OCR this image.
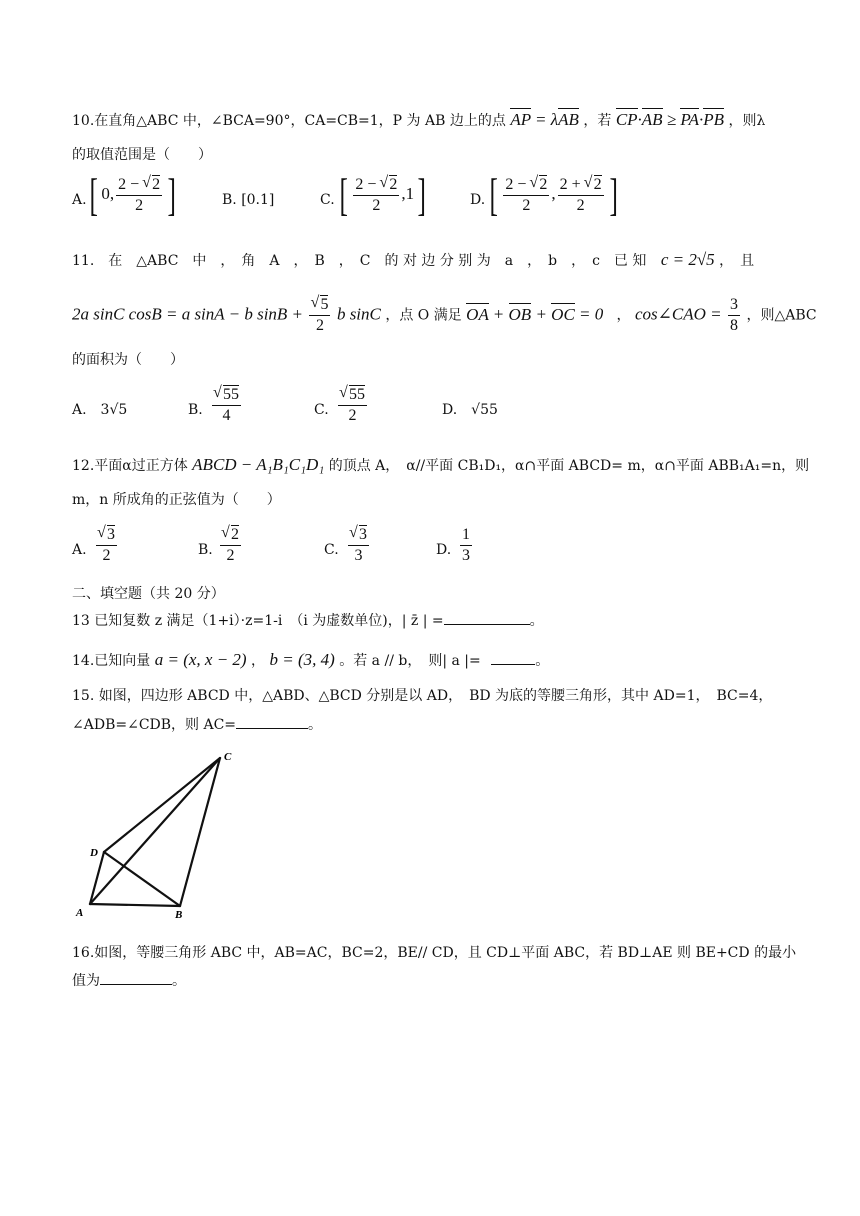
10.在直角△ABC 中，∠BCA=90°，CA=CB=1，P 为 AB 边上的点 AP = λAB ，若 CP·AB ≥ PA·PB ，则λ
的取值范围是（　　）
A. [ 0, $\frac{2 - √ 2}{2}$ ]	B. [0.1]	C. [ $\frac{2 - √ 2}{2} ,1$]	D. [ $\frac{2 - √ 2}{2}$ , $\frac{2 + √ 2}{2}$ ]
11.　在　△ABC　中　，　角　A　，　B　，　C　的 对 边 分 别 为　a　，　b　，　c　已 知 c = 2√5 ，　且
2a sinC cosB = a sinA − b sinB + √ $\frac{5}{2}$ b sinC ，点 O 满足 OA + OB + OC = 0⃗， cos∠CAO = $\frac{3}{8}$ ，则△ABC
的面积为（　　）
A.　3√5	B. √ $\frac{55}{4}$	C. √ $\frac{55}{2}$	D.　√55
12.平面α过正方体 ABCD − A₁B₁C₁D₁ 的顶点 A，　α//平面 CB₁D₁，α∩平面 ABCD= m，α∩平面 ABB₁A₁=n，则
m，n 所成角的正弦值为（　　）
A. √ $\frac{3}{2}$	B. √ $\frac{2}{2}$	C. √ $\frac{3}{3}$	D. $\frac{1}{3}$
二、填空题（共 20 分）
13 已知复数 z 满足（1+i）·z=1-i　（i 为虚数单位)，| z̄ | =	。
14.已知向量 a = (x, x − 2) ， b = (3, 4) 。若 a // b，　则| a |=	。
15. 如图，四边形 ABCD 中，△ABD、△BCD 分别是以 AD，　BD 为底的等腰三角形，其中 AD=1，　BC=4，
∠ADB=∠CDB，则 AC=	。
A	B
C
D
16.如图，等腰三角形 ABC 中，AB=AC，BC=2，BE// CD，且 CD⊥平面 ABC，若 BD⊥AE 则 BE+CD 的最小
值为	。
